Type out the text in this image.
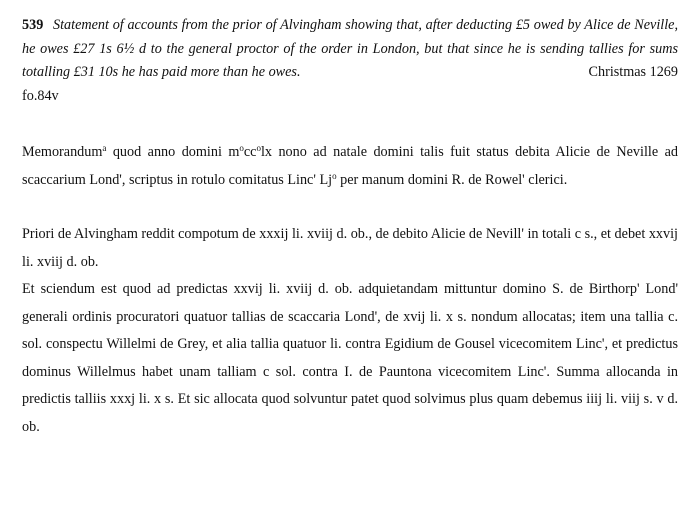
539 Statement of accounts from the prior of Alvingham showing that, after deducting £5 owed by Alice de Neville, he owes £27 1s 6½ d to the general proctor of the order in London, but that since he is sending tallies for sums totalling £31 10s he has paid more than he owes.	Christmas 1269

fo.84v

Memorandum$^a$ quod anno domini $m^occ^olx$ nono ad natale domini talis fuit status debita Alicie de Neville ad scaccarium Lond', scriptus in rotulo comitatus Linc' Lj$^o$ per manum domini R. de Rowel' clerici.

Priori de Alvingham reddit compotum de xxxij li. xviij d. ob., de debito Alicie de Nevill' in totali c s., et debet xxvij li. xviij d. ob.

Et sciendum est quod ad predictas xxvij li. xviij d. ob. adquietandam mittuntur domino S. de Birthorp' Lond' generali ordinis procuratori quatuor tallias de scaccaria Lond', de xvij li. x s. nondum allocatas; item una tallia c. sol. conspectu Willelmi de Grey, et alia tallia quatuor li. contra Egidium de Gousel vicecomitem Linc', et predictus dominus Willelmus habet unam talliam c sol. contra I. de Pauntona vicecomitem Linc'. Summa allocanda in predictis talliis xxxj li. x s. Et sic allocata quod solvuntur patet quod solvimus plus quam debemus iiij li. viij s. v d. ob.
